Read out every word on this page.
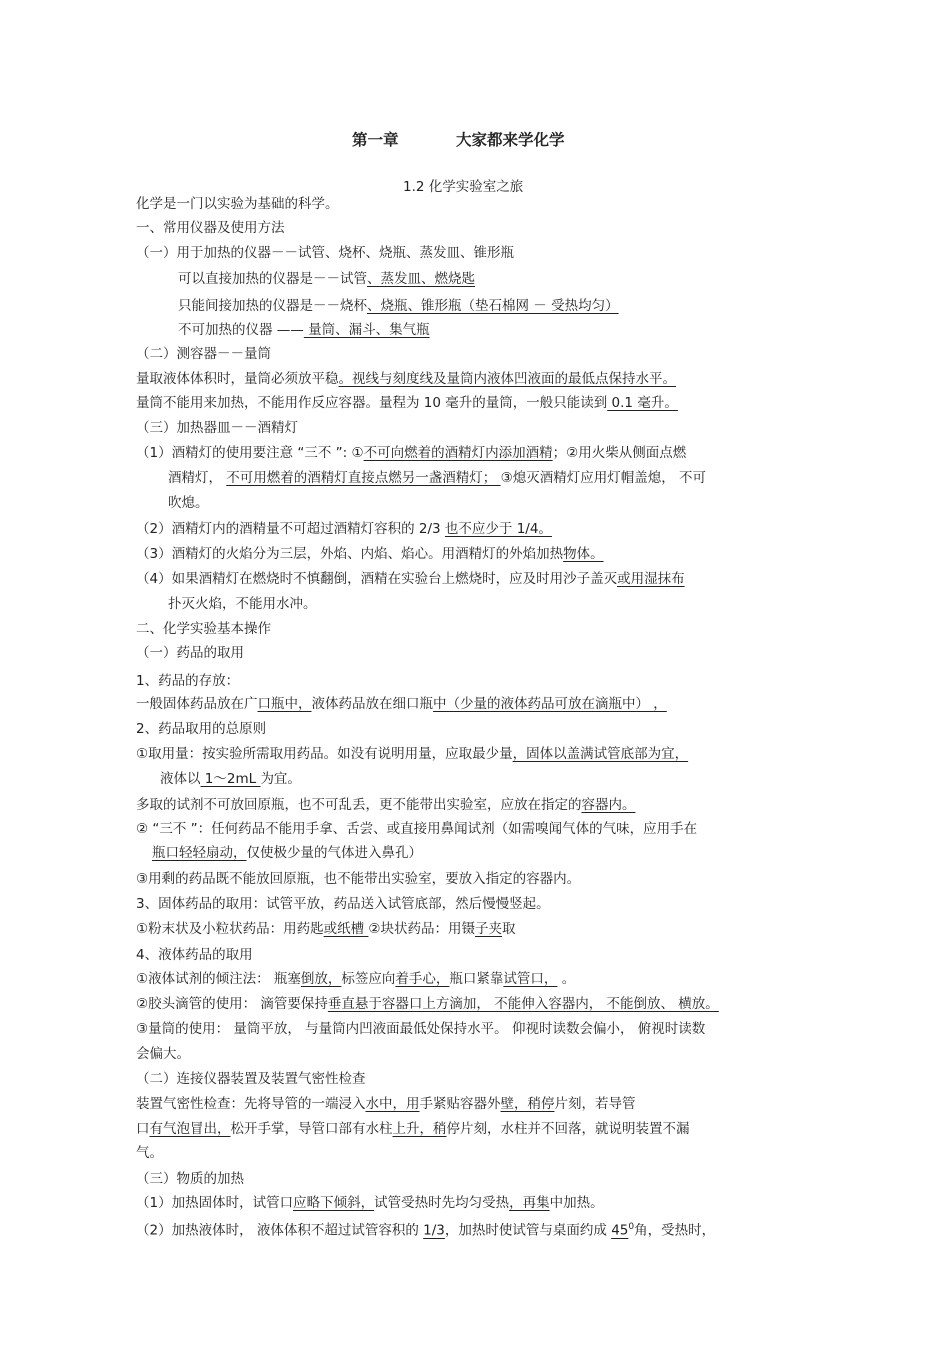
第一章	大家都来学化学
1.2 化学实验室之旅
化学是一门以实验为基础的科学。
一、常用仪器及使用方法
（一）用于加热的仪器－－试管、烧杯、烧瓶、蒸发皿、锥形瓶
可以直接加热的仪器是－－试管、蒸发皿、燃烧匙
只能间接加热的仪器是－－烧杯、烧瓶、锥形瓶（垫石棉网 － 受热均匀）
不可加热的仪器 —— 量筒、漏斗、集气瓶
（二）测容器－－量筒
量取液体体积时，量筒必须放平稳。视线与刻度线及量筒内液体凹液面的最低点保持水平。
量筒不能用来加热，不能用作反应容器。量程为 10 毫升的量筒，一般只能读到 0.1 毫升。
（三）加热器皿－－酒精灯
（1）酒精灯的使用要注意 “三不 ”: ①不可向燃着的酒精灯内添加酒精；②用火柴从侧面点燃
酒精灯， 不可用燃着的酒精灯直接点燃另一盏酒精灯； ③熄灭酒精灯应用灯帽盖熄， 不可
吹熄。
（2）酒精灯内的酒精量不可超过酒精灯容积的 2/3 也不应少于 1/4。
（3）酒精灯的火焰分为三层，外焰、内焰、焰心。用酒精灯的外焰加热物体。
（4）如果酒精灯在燃烧时不慎翻倒，酒精在实验台上燃烧时，应及时用沙子盖灭或用湿抹布
扑灭火焰，不能用水冲。
二、化学实验基本操作
（一）药品的取用
1、药品的存放：
一般固体药品放在广口瓶中，液体药品放在细口瓶中（少量的液体药品可放在滴瓶中） ，
2、药品取用的总原则
①取用量：按实验所需取用药品。如没有说明用量，应取最少量，固体以盖满试管底部为宜，
液体以 1～2mL 为宜。
多取的试剂不可放回原瓶，也不可乱丢，更不能带出实验室，应放在指定的容器内。
② “三不 ”：任何药品不能用手拿、舌尝、或直接用鼻闻试剂（如需嗅闻气体的气味，应用手在
瓶口轻轻扇动，仅使极少量的气体进入鼻孔）
③用剩的药品既不能放回原瓶，也不能带出实验室，要放入指定的容器内。
3、固体药品的取用：试管平放，药品送入试管底部，然后慢慢竖起。
①粉末状及小粒状药品：用药匙或纸槽 ②块状药品：用镊子夹取
4、液体药品的取用
①液体试剂的倾注法： 瓶塞倒放，标签应向着手心，瓶口紧靠试管口， 。
②胶头滴管的使用： 滴管要保持垂直悬于容器口上方滴加， 不能伸入容器内， 不能倒放、 横放。
③量筒的使用： 量筒平放， 与量筒内凹液面最低处保持水平。 仰视时读数会偏小， 俯视时读数
会偏大。
（二）连接仪器装置及装置气密性检查
装置气密性检查：先将导管的一端浸入水中，用手紧贴容器外壁，稍停片刻，若导管
口有气泡冒出，松开手掌，导管口部有水柱上升，稍停片刻，水柱并不回落，就说明装置不漏
气。
（三）物质的加热
（1）加热固体时，试管口应略下倾斜，试管受热时先均匀受热，再集中加热。
（2）加热液体时， 液体体积不超过试管容积的 1/3，加热时使试管与桌面约成 $45^0$角，受热时，
